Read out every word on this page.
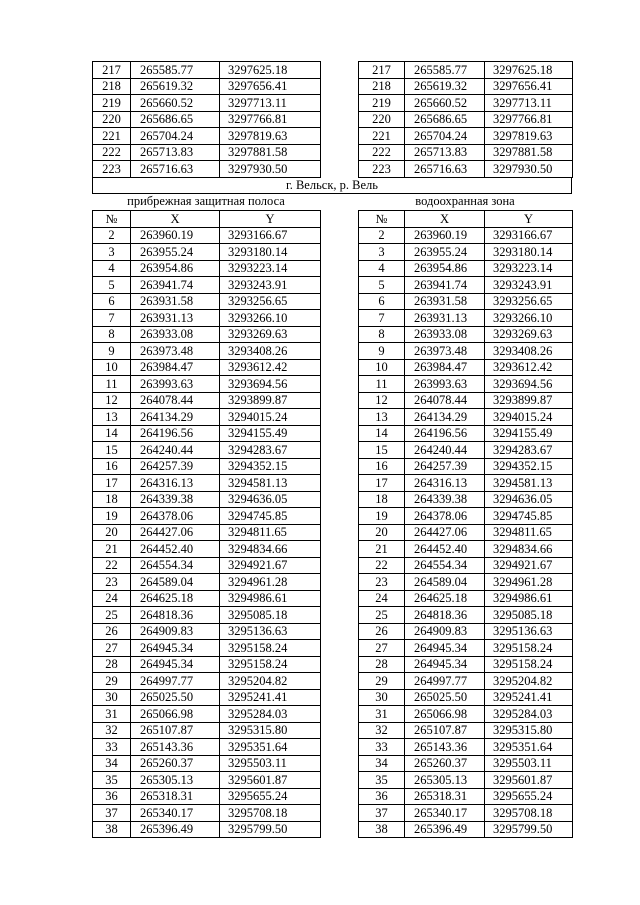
217	265585.77	3297625.18
218	265619.32	3297656.41
219	265660.52	3297713.11
220	265686.65	3297766.81
221	265704.24	3297819.63
222	265713.83	3297881.58
223	265716.63	3297930.50
217	265585.77	3297625.18
218	265619.32	3297656.41
219	265660.52	3297713.11
220	265686.65	3297766.81
221	265704.24	3297819.63
222	265713.83	3297881.58
223	265716.63	3297930.50
г. Вельск, р. Вель
прибрежная защитная полоса	водоохранная зона
№	X	Y
2	263960.19	3293166.67
3	263955.24	3293180.14
4	263954.86	3293223.14
5	263941.74	3293243.91
6	263931.58	3293256.65
7	263931.13	3293266.10
8	263933.08	3293269.63
9	263973.48	3293408.26
10	263984.47	3293612.42
11	263993.63	3293694.56
12	264078.44	3293899.87
13	264134.29	3294015.24
14	264196.56	3294155.49
15	264240.44	3294283.67
16	264257.39	3294352.15
17	264316.13	3294581.13
18	264339.38	3294636.05
19	264378.06	3294745.85
20	264427.06	3294811.65
21	264452.40	3294834.66
22	264554.34	3294921.67
23	264589.04	3294961.28
24	264625.18	3294986.61
25	264818.36	3295085.18
26	264909.83	3295136.63
27	264945.34	3295158.24
28	264945.34	3295158.24
29	264997.77	3295204.82
30	265025.50	3295241.41
31	265066.98	3295284.03
32	265107.87	3295315.80
33	265143.36	3295351.64
34	265260.37	3295503.11
35	265305.13	3295601.87
36	265318.31	3295655.24
37	265340.17	3295708.18
38	265396.49	3295799.50
№	X	Y
2	263960.19	3293166.67
3	263955.24	3293180.14
4	263954.86	3293223.14
5	263941.74	3293243.91
6	263931.58	3293256.65
7	263931.13	3293266.10
8	263933.08	3293269.63
9	263973.48	3293408.26
10	263984.47	3293612.42
11	263993.63	3293694.56
12	264078.44	3293899.87
13	264134.29	3294015.24
14	264196.56	3294155.49
15	264240.44	3294283.67
16	264257.39	3294352.15
17	264316.13	3294581.13
18	264339.38	3294636.05
19	264378.06	3294745.85
20	264427.06	3294811.65
21	264452.40	3294834.66
22	264554.34	3294921.67
23	264589.04	3294961.28
24	264625.18	3294986.61
25	264818.36	3295085.18
26	264909.83	3295136.63
27	264945.34	3295158.24
28	264945.34	3295158.24
29	264997.77	3295204.82
30	265025.50	3295241.41
31	265066.98	3295284.03
32	265107.87	3295315.80
33	265143.36	3295351.64
34	265260.37	3295503.11
35	265305.13	3295601.87
36	265318.31	3295655.24
37	265340.17	3295708.18
38	265396.49	3295799.50
